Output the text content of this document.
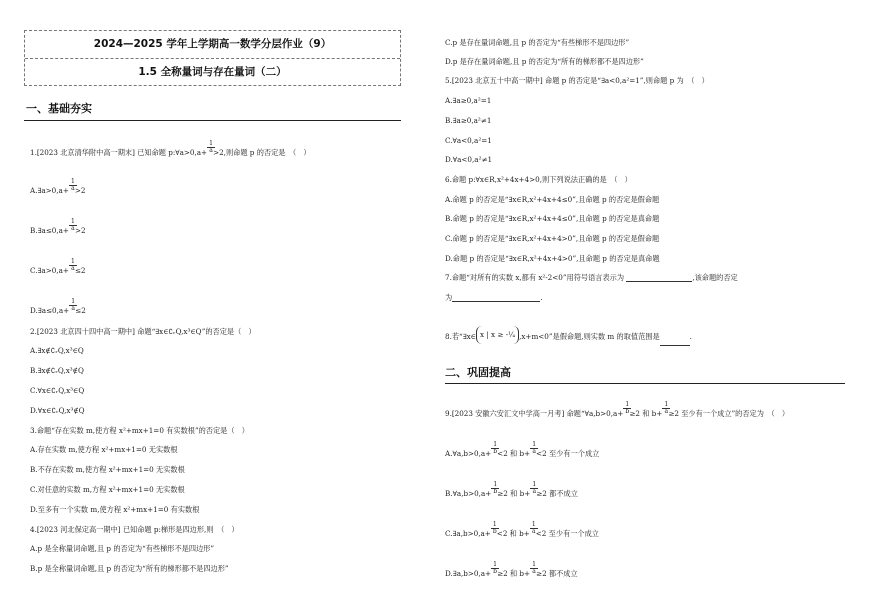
2024—2025 学年上学期高一数学分层作业（9）
1.5 全称量词与存在量词（二）
一、基础夯实
1.[2023 北京清华附中高一期末] 已知命题 p:∀a>0,a+ $\frac{1}{a}$
>2,则命题 p 的否定是　（　）
A.∃a>0,a+ $\frac{1}{a}$
>2
B.∃a≤0,a+ $\frac{1}{a}$
>2
C.∃a>0,a+ $\frac{1}{a}$
≤2
D.∃a≤0,a+ $\frac{1}{a}$
≤2
2.[2023 北京四十四中高一期中] 命题“∃x∈∁ᵣQ,x³∈Q”的否定是（　）
A.∃x∉∁ᵣQ,x³∈Q
B.∃x∉∁ᵣQ,x³∉Q
C.∀x∈∁ᵣQ,x³∈Q
D.∀x∈∁ᵣQ,x³∉Q
3.命题“存在实数 m,使方程 x²+mx+1=0 有实数根”的否定是（　）
A.存在实数 m,使方程 x²+mx+1=0 无实数根
B.不存在实数 m,使方程 x²+mx+1=0 无实数根
C.对任意的实数 m,方程 x²+mx+1=0 无实数根
D.至多有一个实数 m,使方程 x²+mx+1=0 有实数根
4.[2023 河北保定高一期中] 已知命题 p:梯形是四边形,则　（　）
A.p 是全称量词命题,且 p 的否定为“有些梯形不是四边形”
B.p 是全称量词命题,且 p 的否定为“所有的梯形都不是四边形”
C.p 是存在量词命题,且 p 的否定为“有些梯形不是四边形”
D.p 是存在量词命题,且 p 的否定为“所有的梯形都不是四边形”
5.[2023 北京五十中高一期中] 命题 p 的否定是“∃a<0,a²=1”,则命题 p 为　（　）
A.∃a≥0,a²=1
B.∃a≥0,a²≠1
C.∀a<0,a²=1
D.∀a<0,a²≠1
6.命题 p:∀x∈R,x²+4x+4>0,则下列说法正确的是　（　）
A.命题 p 的否定是“∃x∈R,x²+4x+4≤0”,且命题 p 的否定是假命题
B.命题 p 的否定是“∃x∈R,x²+4x+4≤0”,且命题 p 的否定是真命题
C.命题 p 的否定是“∃x∈R,x²+4x+4>0”,且命题 p 的否定是假命题
D.命题 p 的否定是“∃x∈R,x²+4x+4>0”,且命题 p 的否定是真命题
7.命题“对所有的实数 x,都有 x²-2<0”用符号语言表示为	,该命题的否定
为	.
8.若“∃x∈ x | x ≥ -¹⁄₄ ,x+m<0”是假命题,则实数 m 的取值范围是	.
二、巩固提高
9.[2023 安徽六安汇文中学高一月考] 命题“∀a,b>0,a+ $\frac{1}{b}$
≥2 和 $b+ \frac{1}{a}$
≥2 至少有一个成立”的否定为　（　）
A.∀a,b>0,a+ $\frac{1}{b}$
<2 和 $b+ \frac{1}{a}$
<2 至少有一个成立
B.∀a,b>0,a+ $\frac{1}{b}$
≥2 和 $b+ \frac{1}{a}$
≥2 都不成立
C.∃a,b>0,a+ $\frac{1}{b}$
<2 和 $b+ \frac{1}{a}$
<2 至少有一个成立
D.∃a,b>0,a+ $\frac{1}{b}$
≥2 和 $b+ \frac{1}{a}$
≥2 都不成立
